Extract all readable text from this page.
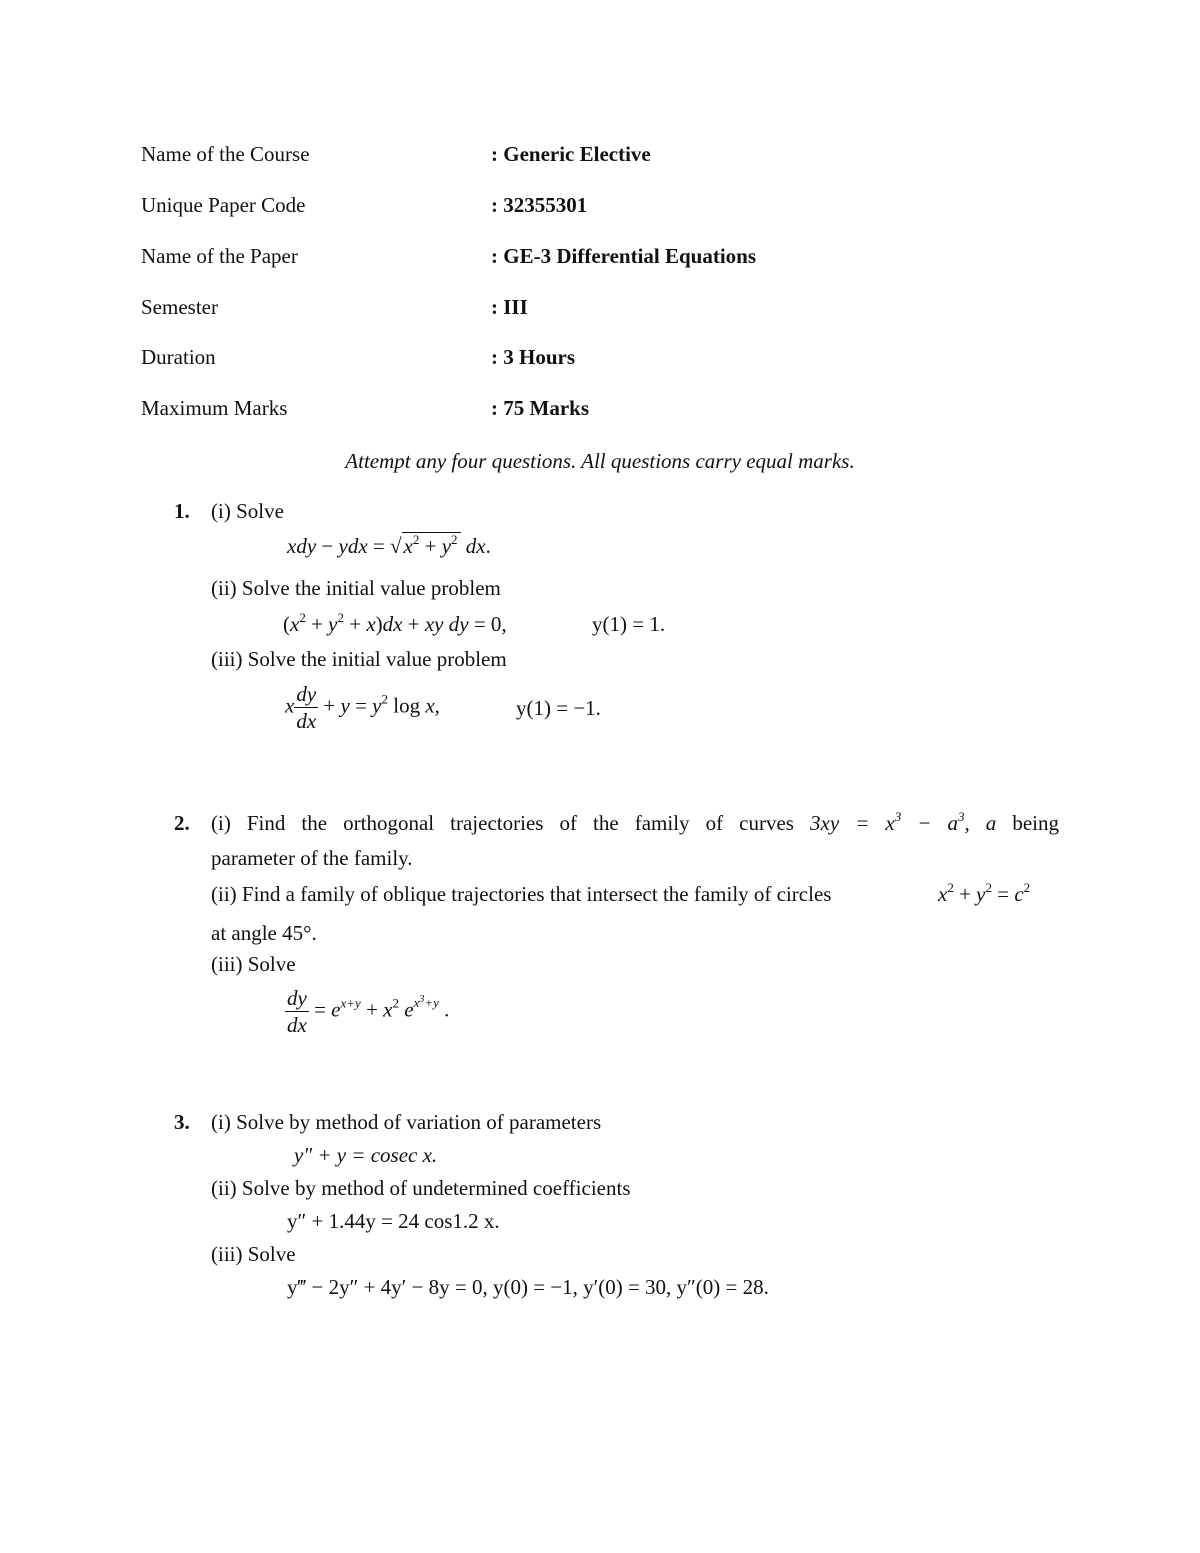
Name of the Course	: Generic Elective
Unique Paper Code	: 32355301
Name of the Paper	: GE-3 Differential Equations
Semester	: III
Duration	: 3 Hours
Maximum Marks	: 75 Marks
Attempt any four questions. All questions carry equal marks.
1. (i) Solve
xdy − ydx = $√x^2 + y^2$ dx.
(ii) Solve the initial value problem
$(x^2 + y^2 + x)dx$ + xy dy = 0,	y(1) = 1.
(iii) Solve the initial value problem
x $\frac{dy}{dx} + y = y^2$ log x,	y(1) = −1.
2. (i) Find the orthogonal trajectories of the family of curves $3xy = x^3 - a^3$, a being
parameter of the family.
(ii) Find a family of oblique trajectories that intersect the family of circles	$x^2 + y^2 = c^2$
at angle 45°.
(iii) Solve
$\frac{dy}{dx} = e^{x+y} + x^2$ $e^{x^3+y}$ .
3. (i) Solve by method of variation of parameters
y″ + y = cosec x.
(ii) Solve by method of undetermined coefficients
y″ + 1.44y = 24 cos1.2 x.
(iii) Solve
y‴ − 2y″ + 4y′ − 8y = 0, y(0) = −1, y′(0) = 30, y″(0) = 28.
